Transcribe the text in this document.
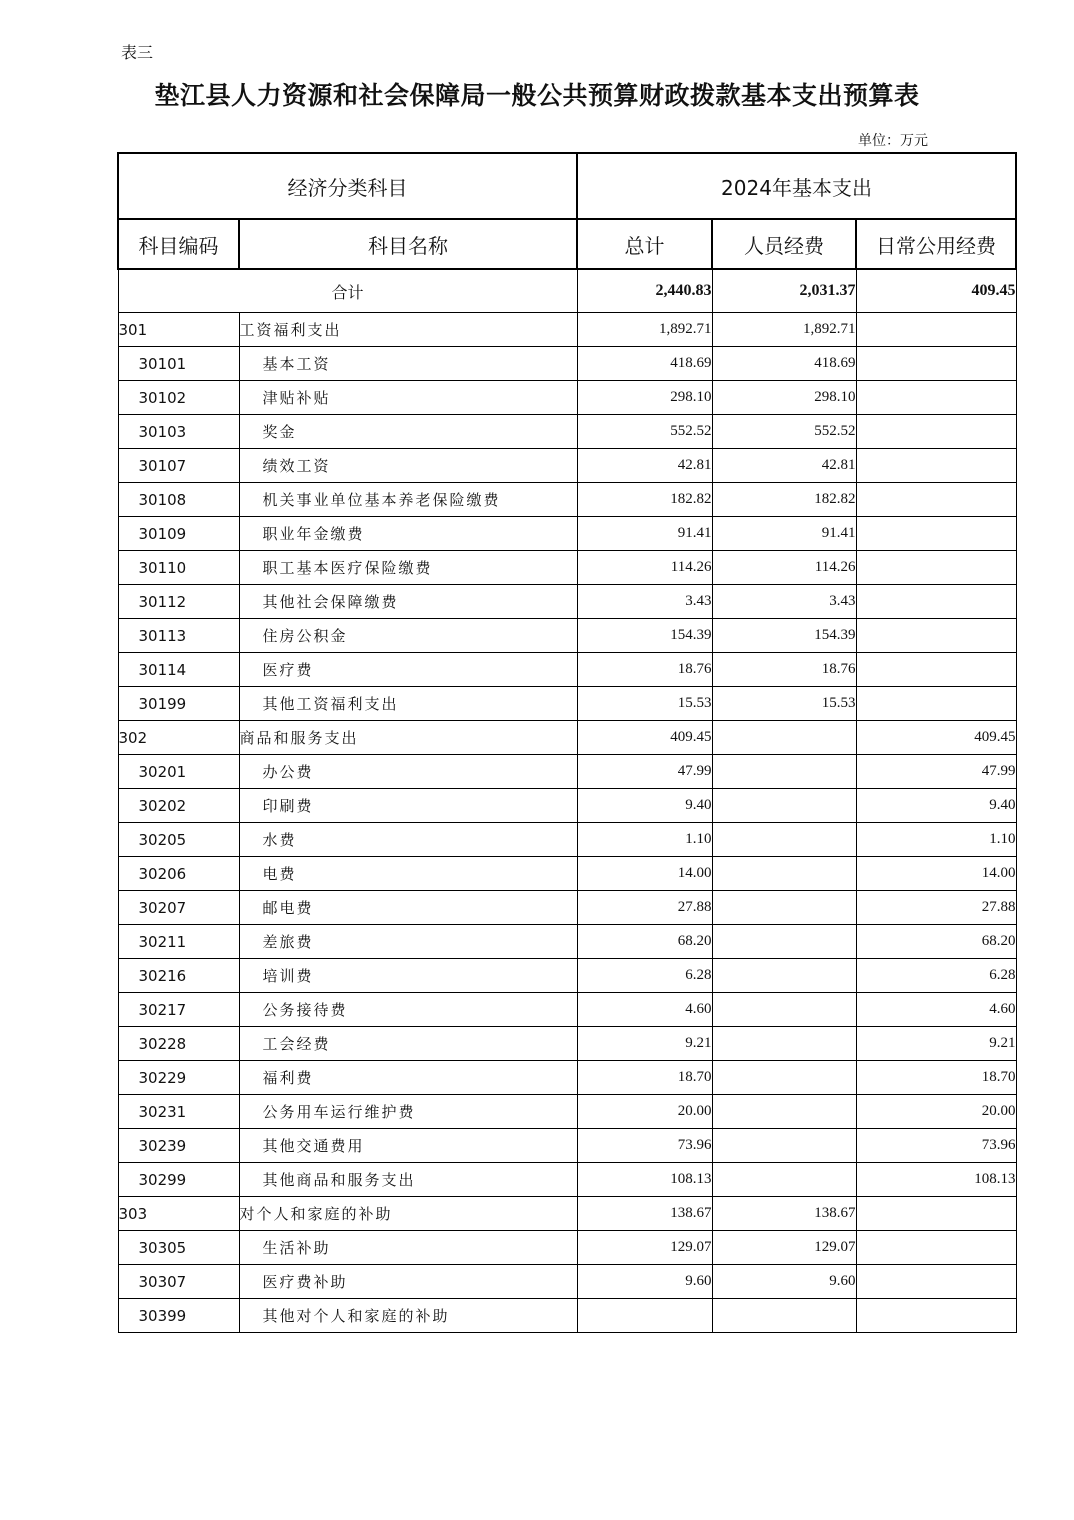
表三
垫江县人力资源和社会保障局一般公共预算财政拨款基本支出预算表
单位：万元
经济分类科目		2024年基本支出		
科目编码	科目名称	总计	人员经费	日常公用经费
合计		2,440.83	2,031.37	409.45
301	工资福利支出	1,892.71	1,892.71	
30101	基本工资	418.69	418.69	
30102	津贴补贴	298.10	298.10	
30103	奖金	552.52	552.52	
30107	绩效工资	42.81	42.81	
30108	机关事业单位基本养老保险缴费	182.82	182.82	
30109	职业年金缴费	91.41	91.41	
30110	职工基本医疗保险缴费	114.26	114.26	
30112	其他社会保障缴费	3.43	3.43	
30113	住房公积金	154.39	154.39	
30114	医疗费	18.76	18.76	
30199	其他工资福利支出	15.53	15.53	
302	商品和服务支出	409.45		409.45
30201	办公费	47.99		47.99
30202	印刷费	9.40		9.40
30205	水费	1.10		1.10
30206	电费	14.00		14.00
30207	邮电费	27.88		27.88
30211	差旅费	68.20		68.20
30216	培训费	6.28		6.28
30217	公务接待费	4.60		4.60
30228	工会经费	9.21		9.21
30229	福利费	18.70		18.70
30231	公务用车运行维护费	20.00		20.00
30239	其他交通费用	73.96		73.96
30299	其他商品和服务支出	108.13		108.13
303	对个人和家庭的补助	138.67	138.67	
30305	生活补助	129.07	129.07	
30307	医疗费补助	9.60	9.60	
30399	其他对个人和家庭的补助			
